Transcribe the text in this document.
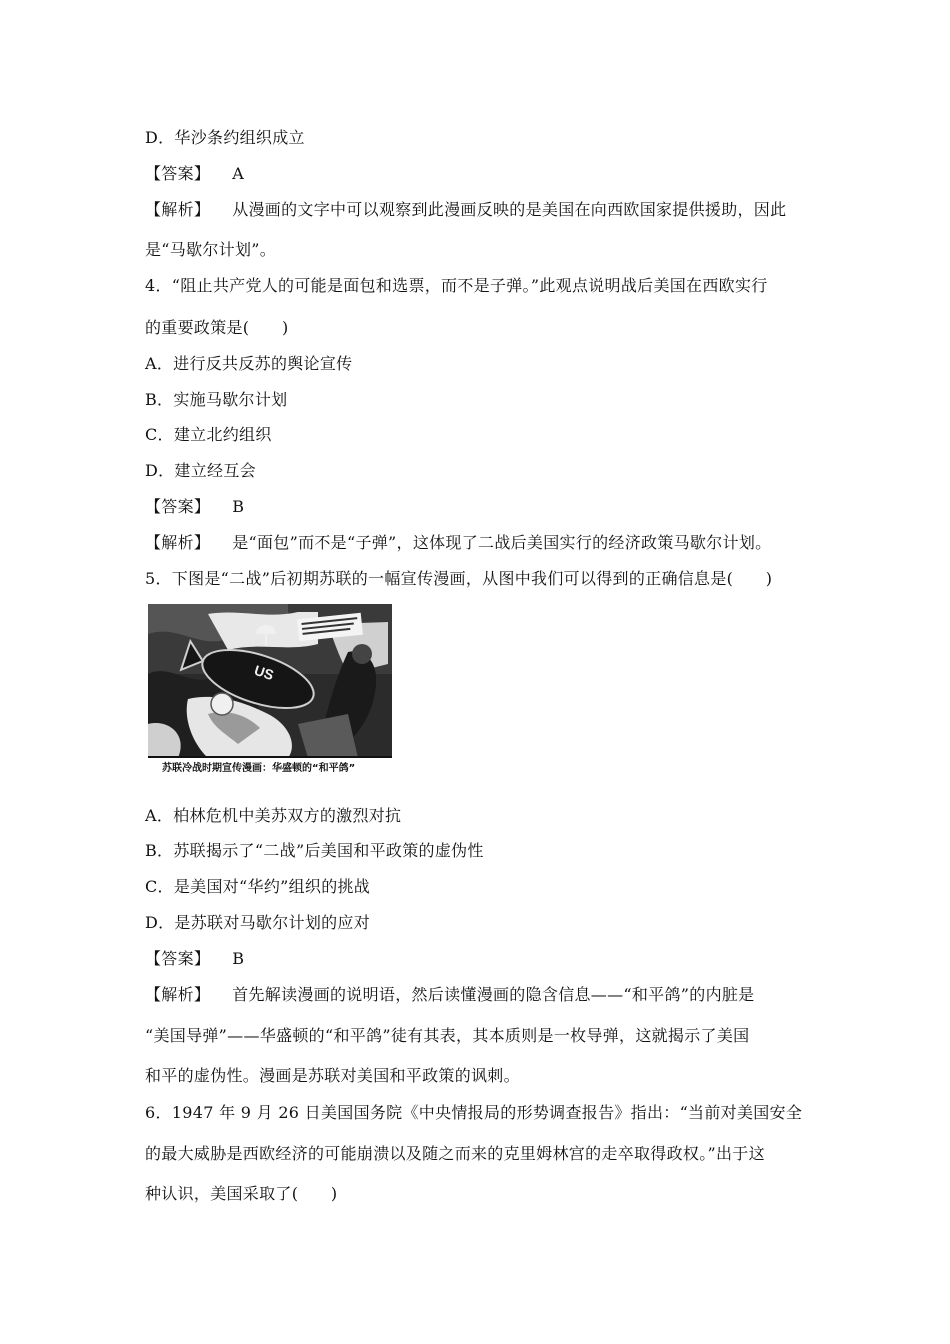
D．华沙条约组织成立
【答案】 A
【解析】 从漫画的文字中可以观察到此漫画反映的是美国在向西欧国家提供援助，因此
是“马歇尔计划”。
4．“阻止共产党人的可能是面包和选票，而不是子弹。”此观点说明战后美国在西欧实行
的重要政策是(　　)
A．进行反共反苏的舆论宣传
B．实施马歇尔计划
C．建立北约组织
D．建立经互会
【答案】 B
【解析】 是“面包”而不是“子弹”，这体现了二战后美国实行的经济政策马歇尔计划。
5．下图是“二战”后初期苏联的一幅宣传漫画，从图中我们可以得到的正确信息是(　　)
US
苏联冷战时期宣传漫画：华盛顿的“和平鸽”
A．柏林危机中美苏双方的激烈对抗
B．苏联揭示了“二战”后美国和平政策的虚伪性
C．是美国对“华约”组织的挑战
D．是苏联对马歇尔计划的应对
【答案】 B
【解析】 首先解读漫画的说明语，然后读懂漫画的隐含信息——“和平鸽”的内脏是
“美国导弹”——华盛顿的“和平鸽”徒有其表，其本质则是一枚导弹，这就揭示了美国
和平的虚伪性。漫画是苏联对美国和平政策的讽刺。
6．1947 年 9 月 26 日美国国务院《中央情报局的形势调查报告》指出：“当前对美国安全
的最大威胁是西欧经济的可能崩溃以及随之而来的克里姆林宫的走卒取得政权。”出于这
种认识，美国采取了(　　)
